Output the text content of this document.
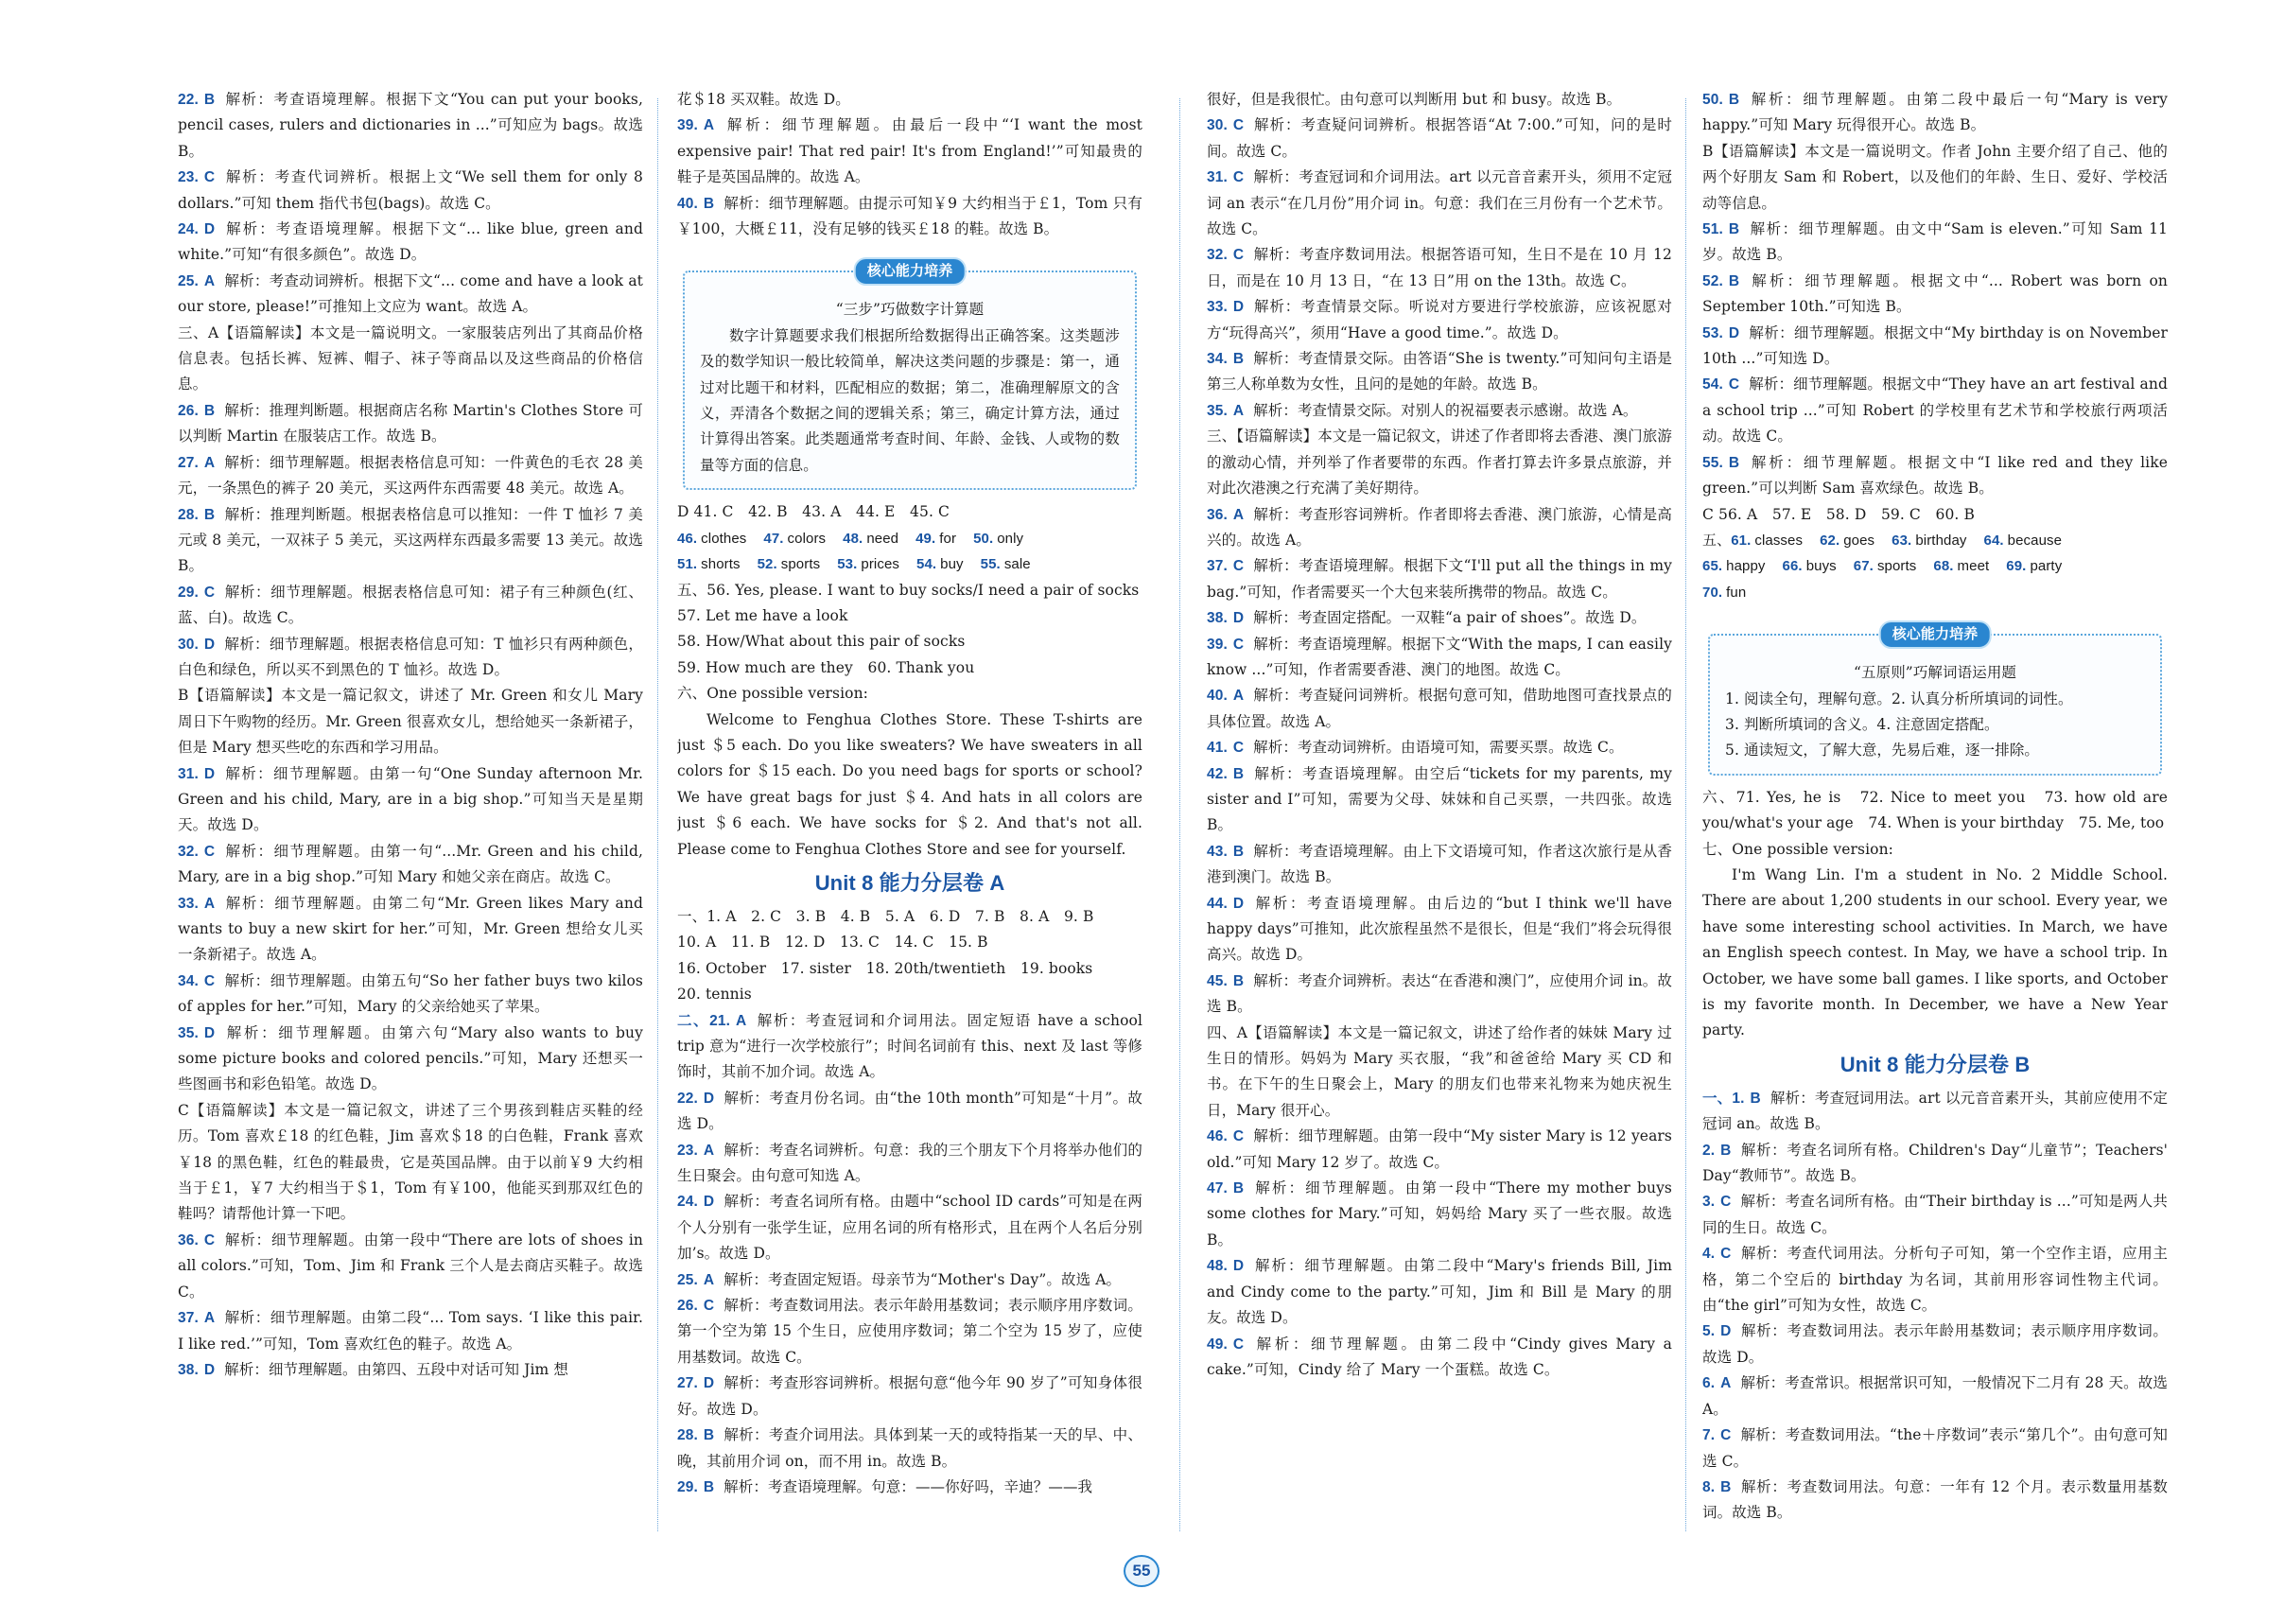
22. B 解析：考查语境理解。根据下文“You can put your books, pencil cases, rulers and dictionaries in ...”可知应为 bags。故选 B。

23. C 解析：考查代词辨析。根据上文“We sell them for only 8 dollars.”可知 them 指代书包(bags)。故选 C。

24. D 解析：考查语境理解。根据下文“... like blue, green and white.”可知“有很多颜色”。故选 D。

25. A 解析：考查动词辨析。根据下文“... come and have a look at our store, please!”可推知上文应为 want。故选 A。

三、A【语篇解读】本文是一篇说明文。一家服装店列出了其商品价格信息表。包括长裤、短裤、帽子、袜子等商品以及这些商品的价格信息。

26. B 解析：推理判断题。根据商店名称 Martin's Clothes Store 可以判断 Martin 在服装店工作。故选 B。

27. A 解析：细节理解题。根据表格信息可知：一件黄色的毛衣 28 美元，一条黑色的裤子 20 美元，买这两件东西需要 48 美元。故选 A。

28. B 解析：推理判断题。根据表格信息可以推知：一件 T 恤衫 7 美元或 8 美元，一双袜子 5 美元，买这两样东西最多需要 13 美元。故选 B。

29. C 解析：细节理解题。根据表格信息可知：裙子有三种颜色(红、蓝、白)。故选 C。

30. D 解析：细节理解题。根据表格信息可知：T 恤衫只有两种颜色，白色和绿色，所以买不到黑色的 T 恤衫。故选 D。

B【语篇解读】本文是一篇记叙文，讲述了 Mr. Green 和女儿 Mary 周日下午购物的经历。Mr. Green 很喜欢女儿，想给她买一条新裙子，但是 Mary 想买些吃的东西和学习用品。

31. D 解析：细节理解题。由第一句“One Sunday afternoon Mr. Green and his child, Mary, are in a big shop.”可知当天是星期天。故选 D。

32. C 解析：细节理解题。由第一句“...Mr. Green and his child, Mary, are in a big shop.”可知 Mary 和她父亲在商店。故选 C。

33. A 解析：细节理解题。由第二句“Mr. Green likes Mary and wants to buy a new skirt for her.”可知，Mr. Green 想给女儿买一条新裙子。故选 A。

34. C 解析：细节理解题。由第五句“So her father buys two kilos of apples for her.”可知，Mary 的父亲给她买了苹果。

35. D 解析：细节理解题。由第六句“Mary also wants to buy some picture books and colored pencils.”可知，Mary 还想买一些图画书和彩色铅笔。故选 D。

C【语篇解读】本文是一篇记叙文，讲述了三个男孩到鞋店买鞋的经历。Tom 喜欢￡18 的红色鞋，Jim 喜欢＄18 的白色鞋，Frank 喜欢￥18 的黑色鞋，红色的鞋最贵，它是英国品牌。由于以前￥9 大约相当于￡1，￥7 大约相当于＄1，Tom 有￥100，他能买到那双红色的鞋吗？请帮他计算一下吧。

36. C 解析：细节理解题。由第一段中“There are lots of shoes in all colors.”可知，Tom、Jim 和 Frank 三个人是去商店买鞋子。故选 C。

37. A 解析：细节理解题。由第二段“... Tom says. ‘I like this pair. I like red.’”可知，Tom 喜欢红色的鞋子。故选 A。

38. D 解析：细节理解题。由第四、五段中对话可知 Jim 想

花＄18 买双鞋。故选 D。

39. A 解析：细节理解题。由最后一段中“‘I want the most expensive pair! That red pair! It's from England!’”可知最贵的鞋子是英国品牌的。故选 A。

40. B 解析：细节理解题。由提示可知￥9 大约相当于￡1，Tom 只有￥100，大概￡11，没有足够的钱买￡18 的鞋。故选 B。

核心能力培养

“三步”巧做数字计算题

数字计算题要求我们根据所给数据得出正确答案。这类题涉及的数学知识一般比较简单，解决这类问题的步骤是：第一，通过对比题干和材料，匹配相应的数据；第二，准确理解原文的含义，弄清各个数据之间的逻辑关系；第三，确定计算方法，通过计算得出答案。此类题通常考查时间、年龄、金钱、人或物的数量等方面的信息。

D 41. C　42. B　43. A　44. E　45. C

46. clothes 47. colors 48. need 49. for 50. only

51. shorts 52. sports 53. prices 54. buy 55. sale

五、56. Yes, please. I want to buy socks/I need a pair of socks

57. Let me have a look

58. How/What about this pair of socks

59. How much are they　60. Thank you

六、One possible version:

Welcome to Fenghua Clothes Store. These T-shirts are just ＄5 each. Do you like sweaters? We have sweaters in all colors for ＄15 each. Do you need bags for sports or school? We have great bags for just ＄4. And hats in all colors are just ＄6 each. We have socks for ＄2. And that's not all. Please come to Fenghua Clothes Store and see for yourself.

Unit 8 能力分层卷 A

一、1. A　2. C　3. B　4. B　5. A　6. D　7. B　8. A　9. B

10. A　11. B　12. D　13. C　14. C　15. B

16. October　17. sister　18. 20th/twentieth　19. books

20. tennis

二、21. A 解析：考查冠词和介词用法。固定短语 have a school trip 意为“进行一次学校旅行”；时间名词前有 this、next 及 last 等修饰时，其前不加介词。故选 A。

22. D 解析：考查月份名词。由“the 10th month”可知是“十月”。故选 D。

23. A 解析：考查名词辨析。句意：我的三个朋友下个月将举办他们的生日聚会。由句意可知选 A。

24. D 解析：考查名词所有格。由题中“school ID cards”可知是在两个人分别有一张学生证，应用名词的所有格形式，且在两个人名后分别加’s。故选 D。

25. A 解析：考查固定短语。母亲节为“Mother's Day”。故选 A。

26. C 解析：考查数词用法。表示年龄用基数词；表示顺序用序数词。第一个空为第 15 个生日，应使用序数词；第二个空为 15 岁了，应使用基数词。故选 C。

27. D 解析：考查形容词辨析。根据句意“他今年 90 岁了”可知身体很好。故选 D。

28. B 解析：考查介词用法。具体到某一天的或特指某一天的早、中、晚，其前用介词 on，而不用 in。故选 B。

29. B 解析：考查语境理解。句意：——你好吗，辛迪？——我

很好，但是我很忙。由句意可以判断用 but 和 busy。故选 B。

30. C 解析：考查疑问词辨析。根据答语“At 7:00.”可知，问的是时间。故选 C。

31. C 解析：考查冠词和介词用法。art 以元音音素开头，须用不定冠词 an 表示“在几月份”用介词 in。句意：我们在三月份有一个艺术节。故选 C。

32. C 解析：考查序数词用法。根据答语可知，生日不是在 10 月 12 日，而是在 10 月 13 日，“在 13 日”用 on the 13th。故选 C。

33. D 解析：考查情景交际。听说对方要进行学校旅游，应该祝愿对方“玩得高兴”，须用“Have a good time.”。故选 D。

34. B 解析：考查情景交际。由答语“She is twenty.”可知问句主语是第三人称单数为女性，且问的是她的年龄。故选 B。

35. A 解析：考查情景交际。对别人的祝福要表示感谢。故选 A。

三、【语篇解读】本文是一篇记叙文，讲述了作者即将去香港、澳门旅游的激动心情，并列举了作者要带的东西。作者打算去许多景点旅游，并对此次港澳之行充满了美好期待。

36. A 解析：考查形容词辨析。作者即将去香港、澳门旅游，心情是高兴的。故选 A。

37. C 解析：考查语境理解。根据下文“I'll put all the things in my bag.”可知，作者需要买一个大包来装所携带的物品。故选 C。

38. D 解析：考查固定搭配。一双鞋“a pair of shoes”。故选 D。

39. C 解析：考查语境理解。根据下文“With the maps, I can easily know ...”可知，作者需要香港、澳门的地图。故选 C。

40. A 解析：考查疑问词辨析。根据句意可知，借助地图可查找景点的具体位置。故选 A。

41. C 解析：考查动词辨析。由语境可知，需要买票。故选 C。

42. B 解析：考查语境理解。由空后“tickets for my parents, my sister and I”可知，需要为父母、妹妹和自己买票，一共四张。故选 B。

43. B 解析：考查语境理解。由上下文语境可知，作者这次旅行是从香港到澳门。故选 B。

44. D 解析：考查语境理解。由后边的“but I think we'll have happy days”可推知，此次旅程虽然不是很长，但是“我们”将会玩得很高兴。故选 D。

45. B 解析：考查介词辨析。表达“在香港和澳门”，应使用介词 in。故选 B。

四、A【语篇解读】本文是一篇记叙文，讲述了给作者的妹妹 Mary 过生日的情形。妈妈为 Mary 买衣服，“我”和爸爸给 Mary 买 CD 和书。在下午的生日聚会上，Mary 的朋友们也带来礼物来为她庆祝生日，Mary 很开心。

46. C 解析：细节理解题。由第一段中“My sister Mary is 12 years old.”可知 Mary 12 岁了。故选 C。

47. B 解析：细节理解题。由第一段中“There my mother buys some clothes for Mary.”可知，妈妈给 Mary 买了一些衣服。故选 B。

48. D 解析：细节理解题。由第二段中“Mary's friends Bill, Jim and Cindy come to the party.”可知，Jim 和 Bill 是 Mary 的朋友。故选 D。

49. C 解析：细节理解题。由第二段中“Cindy gives Mary a cake.”可知，Cindy 给了 Mary 一个蛋糕。故选 C。

50. B 解析：细节理解题。由第二段中最后一句“Mary is very happy.”可知 Mary 玩得很开心。故选 B。

B【语篇解读】本文是一篇说明文。作者 John 主要介绍了自己、他的两个好朋友 Sam 和 Robert，以及他们的年龄、生日、爱好、学校活动等信息。

51. B 解析：细节理解题。由文中“Sam is eleven.”可知 Sam 11 岁。故选 B。

52. B 解析：细节理解题。根据文中“... Robert was born on September 10th.”可知选 B。

53. D 解析：细节理解题。根据文中“My birthday is on November 10th ...”可知选 D。

54. C 解析：细节理解题。根据文中“They have an art festival and a school trip ...”可知 Robert 的学校里有艺术节和学校旅行两项活动。故选 C。

55. B 解析：细节理解题。根据文中“I like red and they like green.”可以判断 Sam 喜欢绿色。故选 B。

C 56. A　57. E　58. D　59. C　60. B

五、61. classes 62. goes 63. birthday 64. because

65. happy 66. buys 67. sports 68. meet 69. party

70. fun

核心能力培养

“五原则”巧解词语运用题

1. 阅读全句，理解句意。2. 认真分析所填词的词性。

3. 判断所填词的含义。4. 注意固定搭配。

5. 通读短文，了解大意，先易后难，逐一排除。

六、71. Yes, he is　72. Nice to meet you　73. how old are you/what's your age　74. When is your birthday　75. Me, too

七、One possible version:

I'm Wang Lin. I'm a student in No. 2 Middle School. There are about 1,200 students in our school. Every year, we have some interesting school activities. In March, we have an English speech contest. In May, we have a school trip. In October, we have some ball games. I like sports, and October is my favorite month. In December, we have a New Year party.

Unit 8 能力分层卷 B

一、1. B 解析：考查冠词用法。art 以元音音素开头，其前应使用不定冠词 an。故选 B。

2. B 解析：考查名词所有格。Children's Day“儿童节”；Teachers' Day“教师节”。故选 B。

3. C 解析：考查名词所有格。由“Their birthday is ...”可知是两人共同的生日。故选 C。

4. C 解析：考查代词用法。分析句子可知，第一个空作主语，应用主格，第二个空后的 birthday 为名词，其前用形容词性物主代词。由“the girl”可知为女性，故选 C。

5. D 解析：考查数词用法。表示年龄用基数词；表示顺序用序数词。故选 D。

6. A 解析：考查常识。根据常识可知，一般情况下二月有 28 天。故选 A。

7. C 解析：考查数词用法。“the＋序数词”表示“第几个”。由句意可知选 C。

8. B 解析：考查数词用法。句意：一年有 12 个月。表示数量用基数词。故选 B。

55
